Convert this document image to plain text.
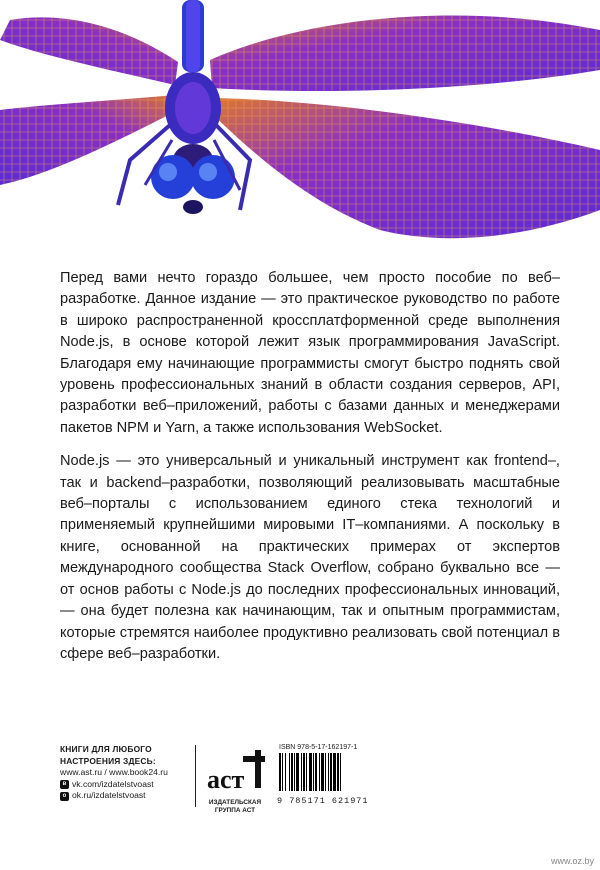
Перед вами нечто гораздо большее, чем просто пособие по веб–разработке. Данное издание — это практическое руководство по работе в широко распространенной кроссплатформенной среде выполнения Node.js, в основе которой лежит язык программирования JavaScript. Благодаря ему начинающие программисты смогут быстро поднять свой уровень профессиональных знаний в области создания серверов, API, разработки веб–приложений, работы с базами данных и менеджерами пакетов NPM и Yarn, а также использования WebSocket.

Node.js — это универсальный и уникальный инструмент как frontend–, так и backend–разработки, позволяющий реализовывать масштабные веб–порталы с использованием единого стека технологий и применяемый крупнейшими мировыми IT–компаниями. А поскольку в книге, основанной на практических примерах от экспертов международного сообщества Stack Overflow, собрано буквально все — от основ работы с Node.js до последних профессиональных инноваций, — она будет полезна как начинающим, так и опытным программистам, которые стремятся наиболее продуктивно реализовать свой потенциал в сфере веб–разработки.

КНИГИ ДЛЯ ЛЮБОГО
НАСТРОЕНИЯ ЗДЕСЬ:
www.ast.ru / www.book24.ru
в vk.com/izdatelstvoast
о ok.ru/izdatelstvoast
аст
ИЗДАТЕЛЬСКАЯ
ГРУППА АСТ
ISBN 978-5-17-162197-1
9 785171 621971
www.oz.by
